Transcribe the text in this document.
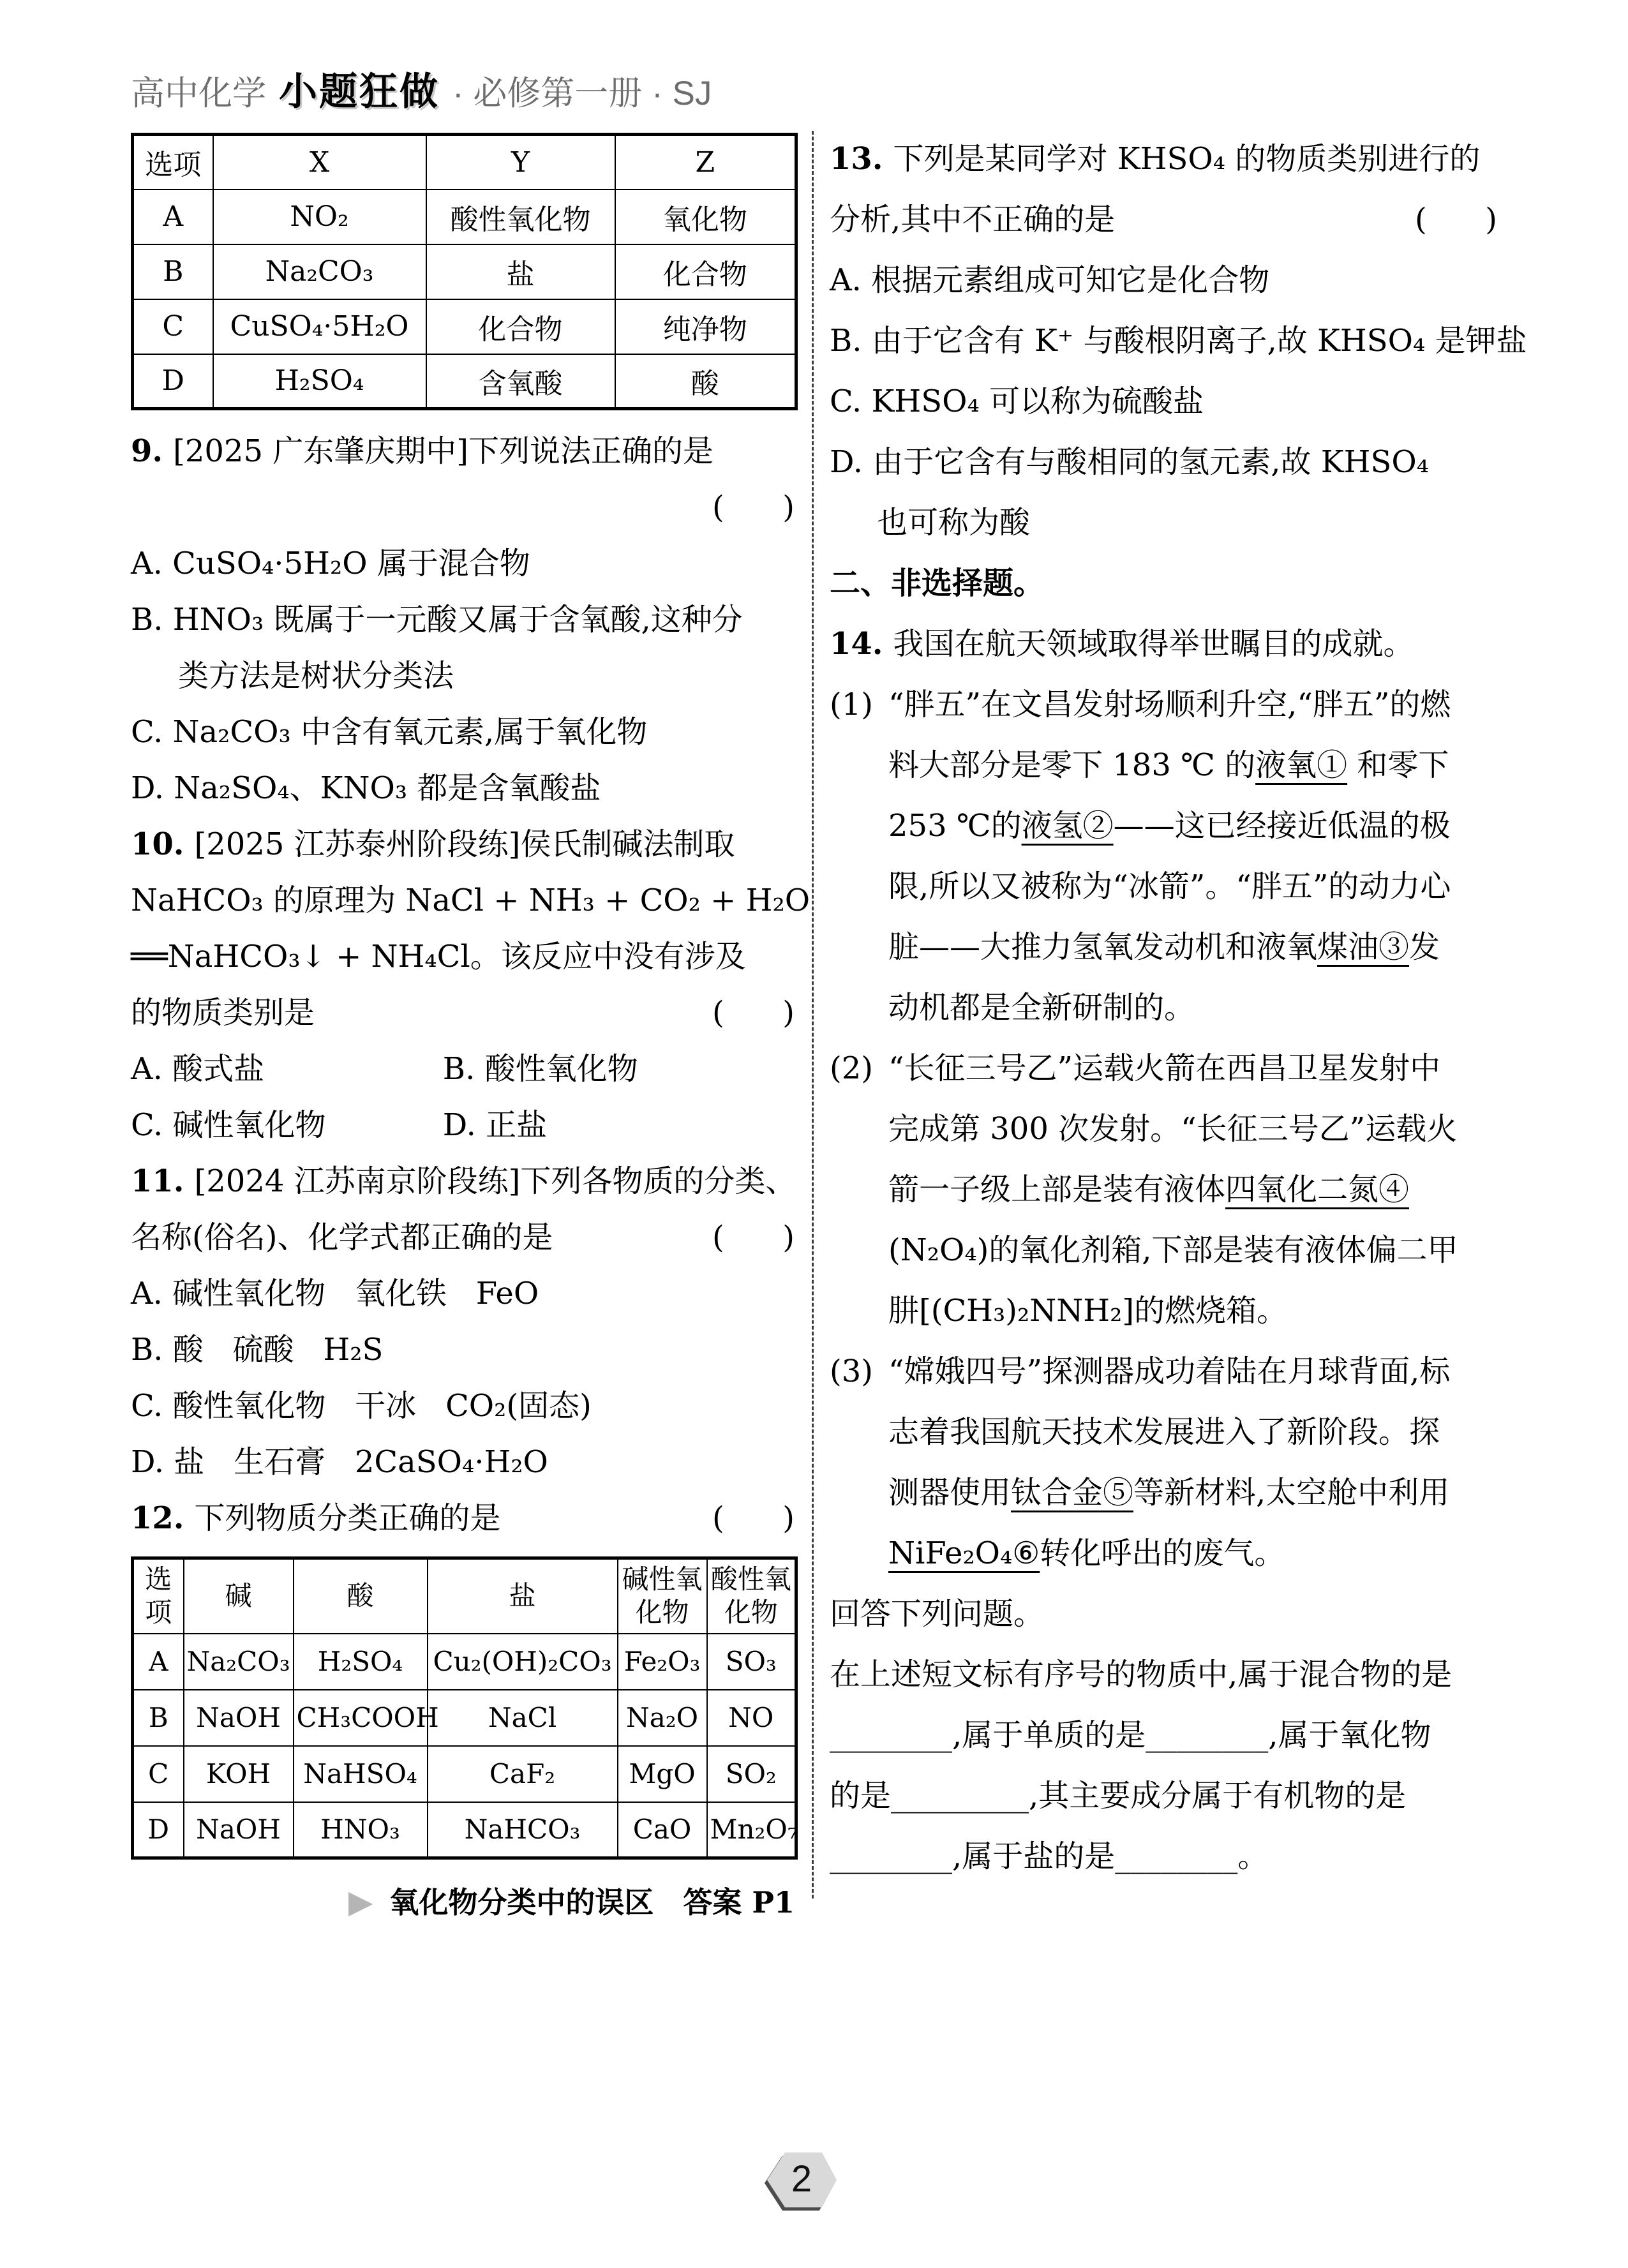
高中化学 小题狂做 · 必修第一册 · SJ
选项	X	Y	Z
A	NO₂	酸性氧化物	氧化物
B	Na₂CO₃	盐	化合物
C	CuSO₄·5H₂O	化合物	纯净物
D	H₂SO₄	含氧酸	酸
9. [2025 广东肇庆期中]下列说法正确的是
(      )
A. CuSO₄·5H₂O 属于混合物
B. HNO₃ 既属于一元酸又属于含氧酸,这种分
类方法是树状分类法
C. Na₂CO₃ 中含有氧元素,属于氧化物
D. Na₂SO₄、KNO₃ 都是含氧酸盐
10. [2025 江苏泰州阶段练]侯氏制碱法制取
NaHCO₃ 的原理为 NaCl + NH₃ + CO₂ + H₂O
══NaHCO₃↓ + NH₄Cl。该反应中没有涉及
的物质类别是	(      )
A. 酸式盐	B. 酸性氧化物
C. 碱性氧化物	D. 正盐
11. [2024 江苏南京阶段练]下列各物质的分类、
名称(俗名)、化学式都正确的是	(      )
A. 碱性氧化物   氧化铁   FeO
B. 酸   硫酸   H₂S
C. 酸性氧化物   干冰   CO₂(固态)
D. 盐   生石膏   2CaSO₄·H₂O
12. 下列物质分类正确的是	(      )
选项	碱	酸	盐	碱性氧化物	酸性氧化物
A	Na₂CO₃	H₂SO₄	Cu₂(OH)₂CO₃	Fe₂O₃	SO₃
B	NaOH	CH₃COOH	NaCl	Na₂O	NO
C	KOH	NaHSO₄	CaF₂	MgO	SO₂
D	NaOH	HNO₃	NaHCO₃	CaO	Mn₂O₇
▶ 氧化物分类中的误区 答案 P1
13. 下列是某同学对 KHSO₄ 的物质类别进行的
分析,其中不正确的是	(      )
A. 根据元素组成可知它是化合物
B. 由于它含有 K⁺ 与酸根阴离子,故 KHSO₄ 是钾盐
C. KHSO₄ 可以称为硫酸盐
D. 由于它含有与酸相同的氢元素,故 KHSO₄
也可称为酸
二、非选择题。
14. 我国在航天领域取得举世瞩目的成就。
(1) “胖五”在文昌发射场顺利升空,“胖五”的燃
料大部分是零下 183 ℃ 的液氧① 和零下
253 ℃的液氢②——这已经接近低温的极
限,所以又被称为“冰箭”。“胖五”的动力心
脏——大推力氢氧发动机和液氧煤油③发
动机都是全新研制的。
(2) “长征三号乙”运载火箭在西昌卫星发射中
完成第 300 次发射。“长征三号乙”运载火
箭一子级上部是装有液体四氧化二氮④
(N₂O₄)的氧化剂箱,下部是装有液体偏二甲
肼[(CH₃)₂NNH₂]的燃烧箱。
(3) “嫦娥四号”探测器成功着陆在月球背面,标
志着我国航天技术发展进入了新阶段。探
测器使用钛合金⑤等新材料,太空舱中利用
NiFe₂O₄⑥转化呼出的废气。
回答下列问题。
在上述短文标有序号的物质中,属于混合物的是
________,属于单质的是________,属于氧化物
的是_________,其主要成分属于有机物的是
________,属于盐的是________。
2
